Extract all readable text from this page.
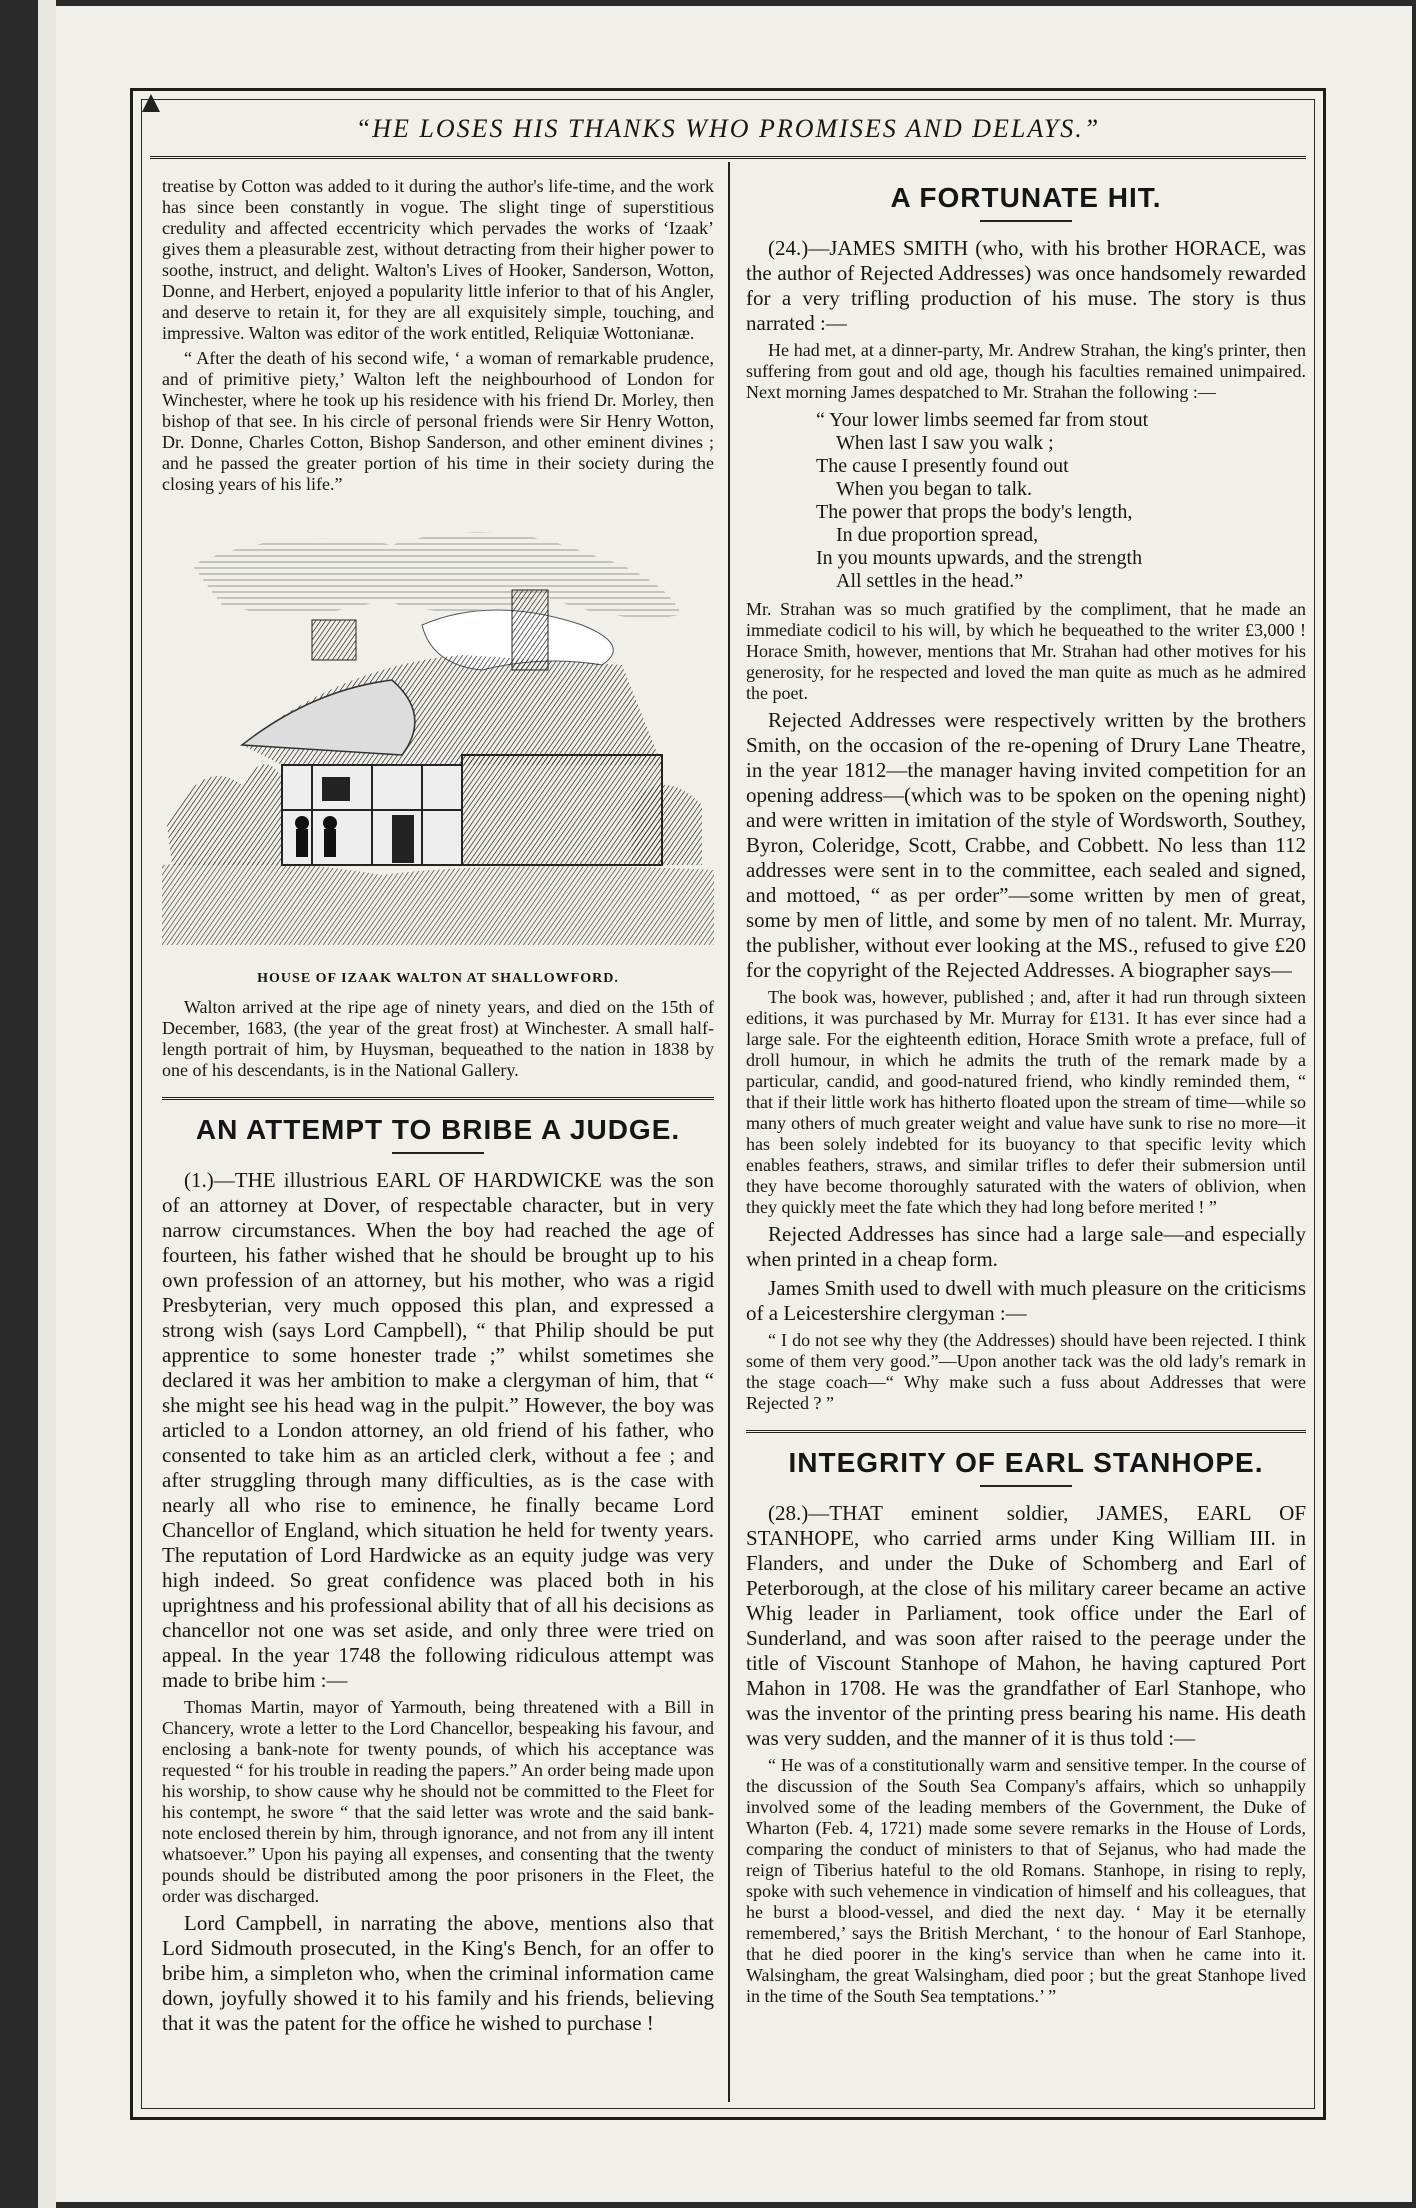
“HE LOSES HIS THANKS WHO PROMISES AND DELAYS.”

treatise by Cotton was added to it during the author's life-time, and the work has since been constantly in vogue. The slight tinge of superstitious credulity and affected eccentricity which pervades the works of ‘Izaak’ gives them a pleasurable zest, without detracting from their higher power to soothe, instruct, and delight. Walton's Lives of Hooker, Sanderson, Wotton, Donne, and Herbert, enjoyed a popularity little inferior to that of his Angler, and deserve to retain it, for they are all exquisitely simple, touching, and impressive. Walton was editor of the work entitled, Reliquiæ Wottonianæ.

“ After the death of his second wife, ‘ a woman of remarkable prudence, and of primitive piety,’ Walton left the neighbourhood of London for Winchester, where he took up his residence with his friend Dr. Morley, then bishop of that see. In his circle of personal friends were Sir Henry Wotton, Dr. Donne, Charles Cotton, Bishop Sanderson, and other eminent divines ; and he passed the greater portion of his time in their society during the closing years of his life.”

HOUSE OF IZAAK WALTON AT SHALLOWFORD.

Walton arrived at the ripe age of ninety years, and died on the 15th of December, 1683, (the year of the great frost) at Winchester. A small half-length portrait of him, by Huysman, bequeathed to the nation in 1838 by one of his descendants, is in the National Gallery.

AN ATTEMPT TO BRIBE A JUDGE.

(1.)—THE illustrious EARL OF HARDWICKE was the son of an attorney at Dover, of respectable character, but in very narrow circumstances. When the boy had reached the age of fourteen, his father wished that he should be brought up to his own profession of an attorney, but his mother, who was a rigid Presbyterian, very much opposed this plan, and expressed a strong wish (says Lord Campbell), “ that Philip should be put apprentice to some honester trade ;” whilst sometimes she declared it was her ambition to make a clergyman of him, that “ she might see his head wag in the pulpit.” However, the boy was articled to a London attorney, an old friend of his father, who consented to take him as an articled clerk, without a fee ; and after struggling through many difficulties, as is the case with nearly all who rise to eminence, he finally became Lord Chancellor of England, which situation he held for twenty years. The reputation of Lord Hardwicke as an equity judge was very high indeed. So great confidence was placed both in his uprightness and his professional ability that of all his decisions as chancellor not one was set aside, and only three were tried on appeal. In the year 1748 the following ridiculous attempt was made to bribe him :—

Thomas Martin, mayor of Yarmouth, being threatened with a Bill in Chancery, wrote a letter to the Lord Chancellor, bespeaking his favour, and enclosing a bank-note for twenty pounds, of which his acceptance was requested “ for his trouble in reading the papers.” An order being made upon his worship, to show cause why he should not be committed to the Fleet for his contempt, he swore “ that the said letter was wrote and the said bank-note enclosed therein by him, through ignorance, and not from any ill intent whatsoever.” Upon his paying all expenses, and consenting that the twenty pounds should be distributed among the poor prisoners in the Fleet, the order was discharged.

Lord Campbell, in narrating the above, mentions also that Lord Sidmouth prosecuted, in the King's Bench, for an offer to bribe him, a simpleton who, when the criminal information came down, joyfully showed it to his family and his friends, believing that it was the patent for the office he wished to purchase !

A FORTUNATE HIT.

(24.)—JAMES SMITH (who, with his brother HORACE, was the author of Rejected Addresses) was once handsomely rewarded for a very trifling production of his muse. The story is thus narrated :—

He had met, at a dinner-party, Mr. Andrew Strahan, the king's printer, then suffering from gout and old age, though his faculties remained unimpaired. Next morning James despatched to Mr. Strahan the following :—

“ Your lower limbs seemed far from stout
When last I saw you walk ;
The cause I presently found out
When you began to talk.
The power that props the body's length,
In due proportion spread,
In you mounts upwards, and the strength
All settles in the head.”

Mr. Strahan was so much gratified by the compliment, that he made an immediate codicil to his will, by which he bequeathed to the writer £3,000 ! Horace Smith, however, mentions that Mr. Strahan had other motives for his generosity, for he respected and loved the man quite as much as he admired the poet.

Rejected Addresses were respectively written by the brothers Smith, on the occasion of the re-opening of Drury Lane Theatre, in the year 1812—the manager having invited competition for an opening address—(which was to be spoken on the opening night) and were written in imitation of the style of Wordsworth, Southey, Byron, Coleridge, Scott, Crabbe, and Cobbett. No less than 112 addresses were sent in to the committee, each sealed and signed, and mottoed, “ as per order”—some written by men of great, some by men of little, and some by men of no talent. Mr. Murray, the publisher, without ever looking at the MS., refused to give £20 for the copyright of the Rejected Addresses. A biographer says—

The book was, however, published ; and, after it had run through sixteen editions, it was purchased by Mr. Murray for £131. It has ever since had a large sale. For the eighteenth edition, Horace Smith wrote a preface, full of droll humour, in which he admits the truth of the remark made by a particular, candid, and good-natured friend, who kindly reminded them, “ that if their little work has hitherto floated upon the stream of time—while so many others of much greater weight and value have sunk to rise no more—it has been solely indebted for its buoyancy to that specific levity which enables feathers, straws, and similar trifles to defer their submersion until they have become thoroughly saturated with the waters of oblivion, when they quickly meet the fate which they had long before merited ! ”

Rejected Addresses has since had a large sale—and especially when printed in a cheap form.

James Smith used to dwell with much pleasure on the criticisms of a Leicestershire clergyman :—

“ I do not see why they (the Addresses) should have been rejected. I think some of them very good.”—Upon another tack was the old lady's remark in the stage coach—“ Why make such a fuss about Addresses that were Rejected ? ”

INTEGRITY OF EARL STANHOPE.

(28.)—THAT eminent soldier, JAMES, EARL OF STANHOPE, who carried arms under King William III. in Flanders, and under the Duke of Schomberg and Earl of Peterborough, at the close of his military career became an active Whig leader in Parliament, took office under the Earl of Sunderland, and was soon after raised to the peerage under the title of Viscount Stanhope of Mahon, he having captured Port Mahon in 1708. He was the grandfather of Earl Stanhope, who was the inventor of the printing press bearing his name. His death was very sudden, and the manner of it is thus told :—

“ He was of a constitutionally warm and sensitive temper. In the course of the discussion of the South Sea Company's affairs, which so unhappily involved some of the leading members of the Government, the Duke of Wharton (Feb. 4, 1721) made some severe remarks in the House of Lords, comparing the conduct of ministers to that of Sejanus, who had made the reign of Tiberius hateful to the old Romans. Stanhope, in rising to reply, spoke with such vehemence in vindication of himself and his colleagues, that he burst a blood-vessel, and died the next day. ‘ May it be eternally remembered,’ says the British Merchant, ‘ to the honour of Earl Stanhope, that he died poorer in the king's service than when he came into it. Walsingham, the great Walsingham, died poor ; but the great Stanhope lived in the time of the South Sea temptations.’ ”
